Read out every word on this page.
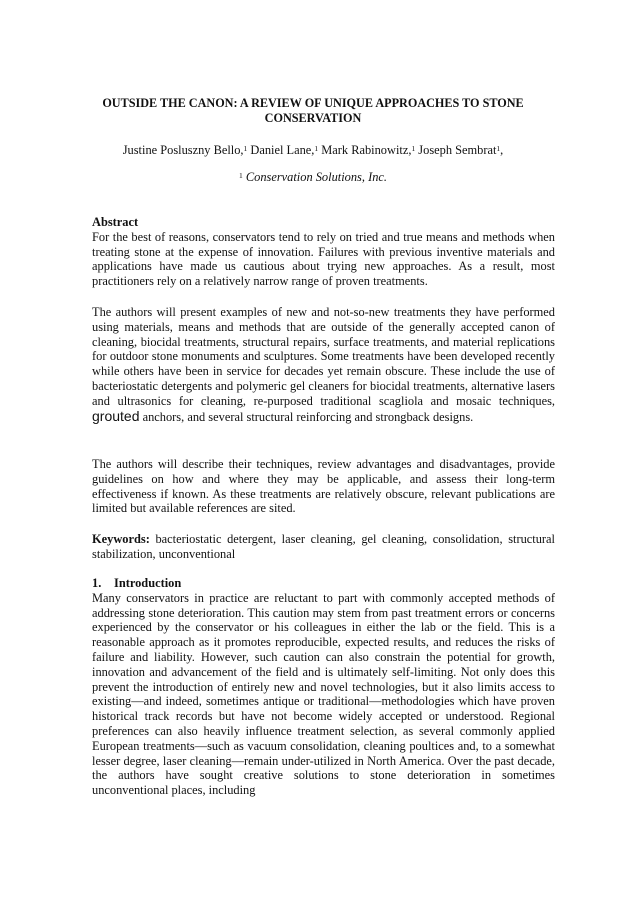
OUTSIDE THE CANON: A REVIEW OF UNIQUE APPROACHES TO STONE
CONSERVATION
Justine Posluszny Bello,$^1$ Daniel Lane,$^1$ Mark Rabinowitz,$^1$ Joseph Sembrat$^1$,
$^1$ Conservation Solutions, Inc.
Abstract

For the best of reasons, conservators tend to rely on tried and true means and methods when treating stone at the expense of innovation. Failures with previous inventive materials and applications have made us cautious about trying new approaches. As a result, most practitioners rely on a relatively narrow range of proven treatments.

The authors will present examples of new and not-so-new treatments they have performed using materials, means and methods that are outside of the generally accepted canon of cleaning, biocidal treatments, structural repairs, surface treatments, and material replications for outdoor stone monuments and sculptures. Some treatments have been developed recently while others have been in service for decades yet remain obscure. These include the use of bacteriostatic detergents and polymeric gel cleaners for biocidal treatments, alternative lasers and ultrasonics for cleaning, re-purposed traditional scagliola and mosaic techniques, grouted anchors, and several structural reinforcing and strongback designs.

The authors will describe their techniques, review advantages and disadvantages, provide guidelines on how and where they may be applicable, and assess their long-term effectiveness if known. As these treatments are relatively obscure, relevant publications are limited but available references are sited.

Keywords: bacteriostatic detergent, laser cleaning, gel cleaning, consolidation, structural stabilization, unconventional

1. Introduction

Many conservators in practice are reluctant to part with commonly accepted methods of addressing stone deterioration. This caution may stem from past treatment errors or concerns experienced by the conservator or his colleagues in either the lab or the field. This is a reasonable approach as it promotes reproducible, expected results, and reduces the risks of failure and liability. However, such caution can also constrain the potential for growth, innovation and advancement of the field and is ultimately self-limiting. Not only does this prevent the introduction of entirely new and novel technologies, but it also limits access to existing—and indeed, sometimes antique or traditional—methodologies which have proven historical track records but have not become widely accepted or understood. Regional preferences can also heavily influence treatment selection, as several commonly applied European treatments—such as vacuum consolidation, cleaning poultices and, to a somewhat lesser degree, laser cleaning—remain under-utilized in North America. Over the past decade, the authors have sought creative solutions to stone deterioration in sometimes unconventional places, including
